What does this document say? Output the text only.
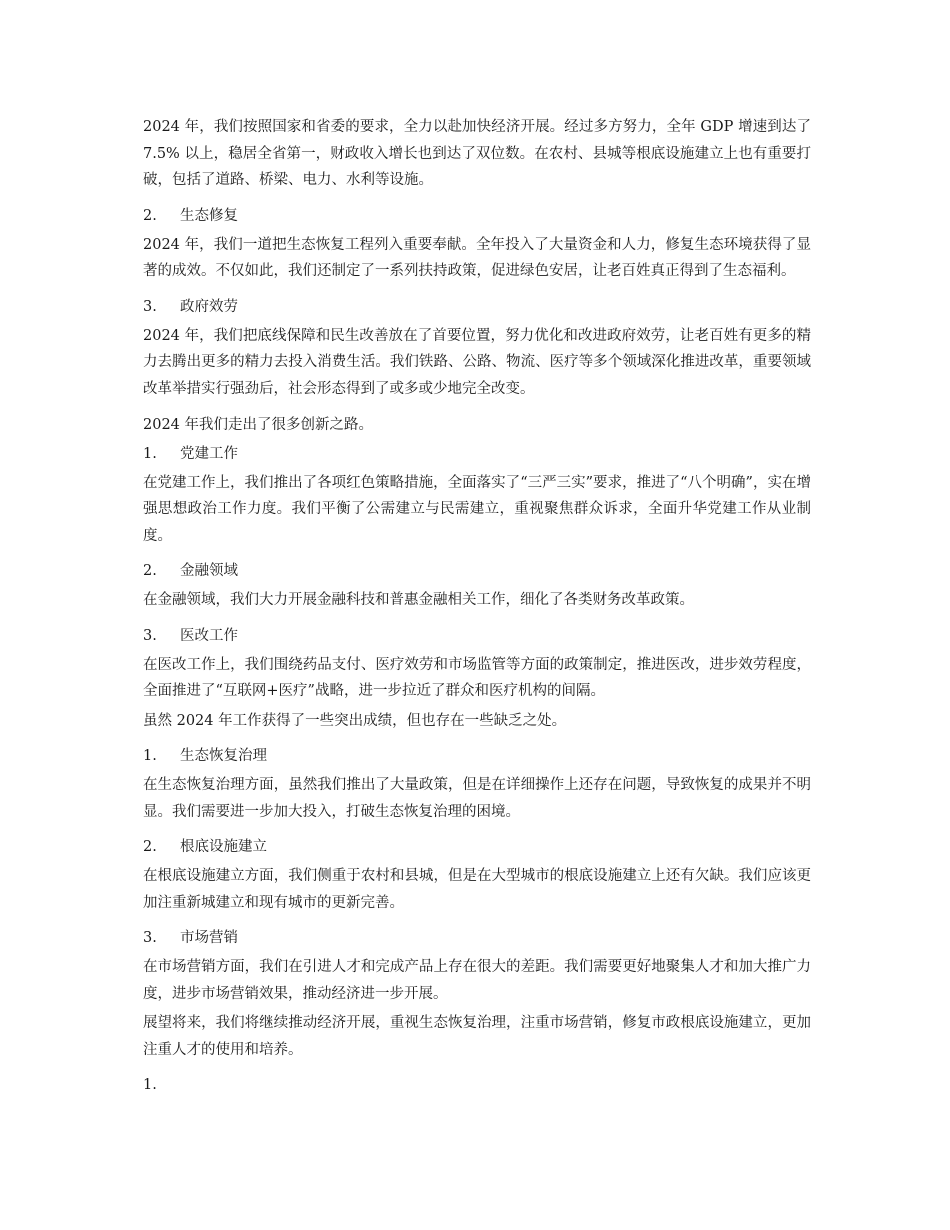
2024 年，我们按照国家和省委的要求，全力以赴加快经济开展。经过多方努力，全年 GDP 增速到达了 7.5% 以上，稳居全省第一，财政收入增长也到达了双位数。在农村、县城等根底设施建立上也有重要打破，包括了道路、桥梁、电力、水利等设施。

2. 生态修复

2024 年，我们一道把生态恢复工程列入重要奉献。全年投入了大量资金和人力，修复生态环境获得了显著的成效。不仅如此，我们还制定了一系列扶持政策，促进绿色安居，让老百姓真正得到了生态福利。

3. 政府效劳

2024 年，我们把底线保障和民生改善放在了首要位置，努力优化和改进政府效劳，让老百姓有更多的精力去腾出更多的精力去投入消费生活。我们铁路、公路、物流、医疗等多个领域深化推进改革，重要领域改革举措实行强劲后，社会形态得到了或多或少地完全改变。

2024 年我们走出了很多创新之路。

1. 党建工作

在党建工作上，我们推出了各项红色策略措施，全面落实了“三严三实”要求，推进了“八个明确”，实在增强思想政治工作力度。我们平衡了公需建立与民需建立，重视聚焦群众诉求，全面升华党建工作从业制度。

2. 金融领域

在金融领域，我们大力开展金融科技和普惠金融相关工作，细化了各类财务改革政策。

3. 医改工作

在医改工作上，我们围绕药品支付、医疗效劳和市场监管等方面的政策制定，推进医改，进步效劳程度，全面推进了“互联网+医疗”战略，进一步拉近了群众和医疗机构的间隔。

虽然 2024 年工作获得了一些突出成绩，但也存在一些缺乏之处。

1. 生态恢复治理

在生态恢复治理方面，虽然我们推出了大量政策，但是在详细操作上还存在问题，导致恢复的成果并不明显。我们需要进一步加大投入，打破生态恢复治理的困境。

2. 根底设施建立

在根底设施建立方面，我们侧重于农村和县城，但是在大型城市的根底设施建立上还有欠缺。我们应该更加注重新城建立和现有城市的更新完善。

3. 市场营销

在市场营销方面，我们在引进人才和完成产品上存在很大的差距。我们需要更好地聚集人才和加大推广力度，进步市场营销效果，推动经济进一步开展。

展望将来，我们将继续推动经济开展，重视生态恢复治理，注重市场营销，修复市政根底设施建立，更加注重人才的使用和培养。

1.
